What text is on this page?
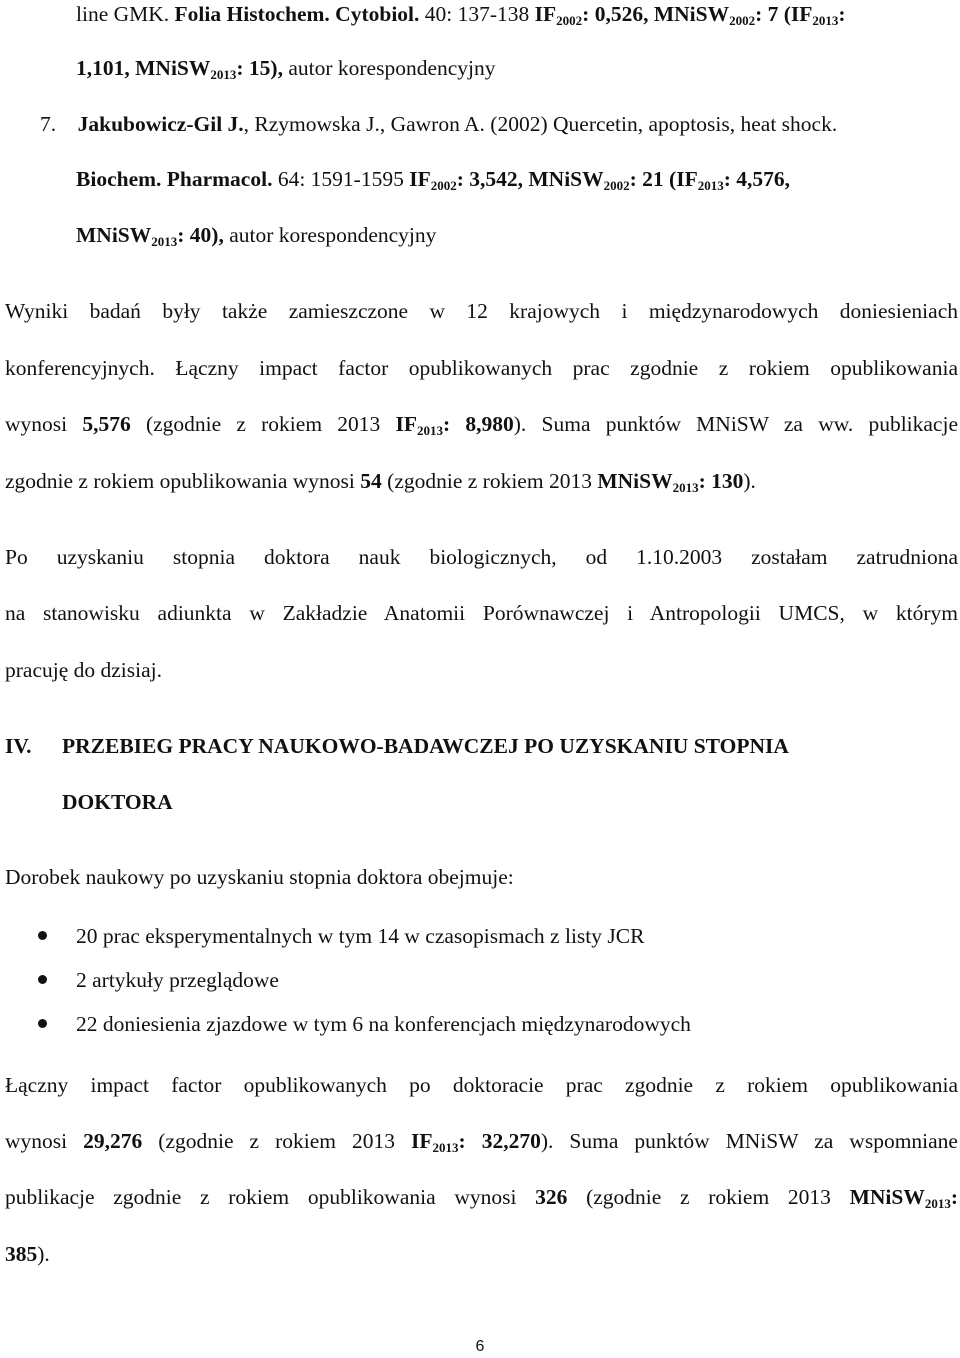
line GMK. Folia Histochem. Cytobiol. 40: 137-138 $IF_{2002}$: 0,526, MNiSW$_{2002}$: 7 ($IF_{2013}$:
1,101, MNiSW$_{2013}$: 15), autor korespondencyjny
7. Jakubowicz-Gil J., Rzymowska J., Gawron A. (2002) Quercetin, apoptosis, heat shock.
Biochem. Pharmacol. 64: 1591-1595 $IF_{2002}$: 3,542, MNiSW$_{2002}$: 21 ($IF_{2013}$: 4,576,
MNiSW$_{2013}$: 40), autor korespondencyjny
Wyniki badań były także zamieszczone w 12 krajowych i międzynarodowych doniesieniach
konferencyjnych. Łączny impact factor opublikowanych prac zgodnie z rokiem opublikowania
wynosi 5,576 (zgodnie z rokiem 2013 $IF_{2013}$: 8,980). Suma punktów MNiSW za ww. publikacje
zgodnie z rokiem opublikowania wynosi 54 (zgodnie z rokiem 2013 MNiSW$_{2013}$: 130).
Po uzyskaniu stopnia doktora nauk biologicznych, od 1.10.2003 zostałam zatrudniona
na stanowisku adiunkta w Zakładzie Anatomii Porównawczej i Antropologii UMCS, w którym
pracuję do dzisiaj.
IV. PRZEBIEG PRACY NAUKOWO-BADAWCZEJ PO UZYSKANIU STOPNIA
DOKTORA
Dorobek naukowy po uzyskaniu stopnia doktora obejmuje:
20 prac eksperymentalnych w tym 14 w czasopismach z listy JCR
2 artykuły przeglądowe
22 doniesienia zjazdowe w tym 6 na konferencjach międzynarodowych
Łączny impact factor opublikowanych po doktoracie prac zgodnie z rokiem opublikowania
wynosi 29,276 (zgodnie z rokiem 2013 $IF_{2013}$: 32,270). Suma punktów MNiSW za wspomniane
publikacje zgodnie z rokiem opublikowania wynosi 326 (zgodnie z rokiem 2013 MNiSW$_{2013}$:
385).
6
